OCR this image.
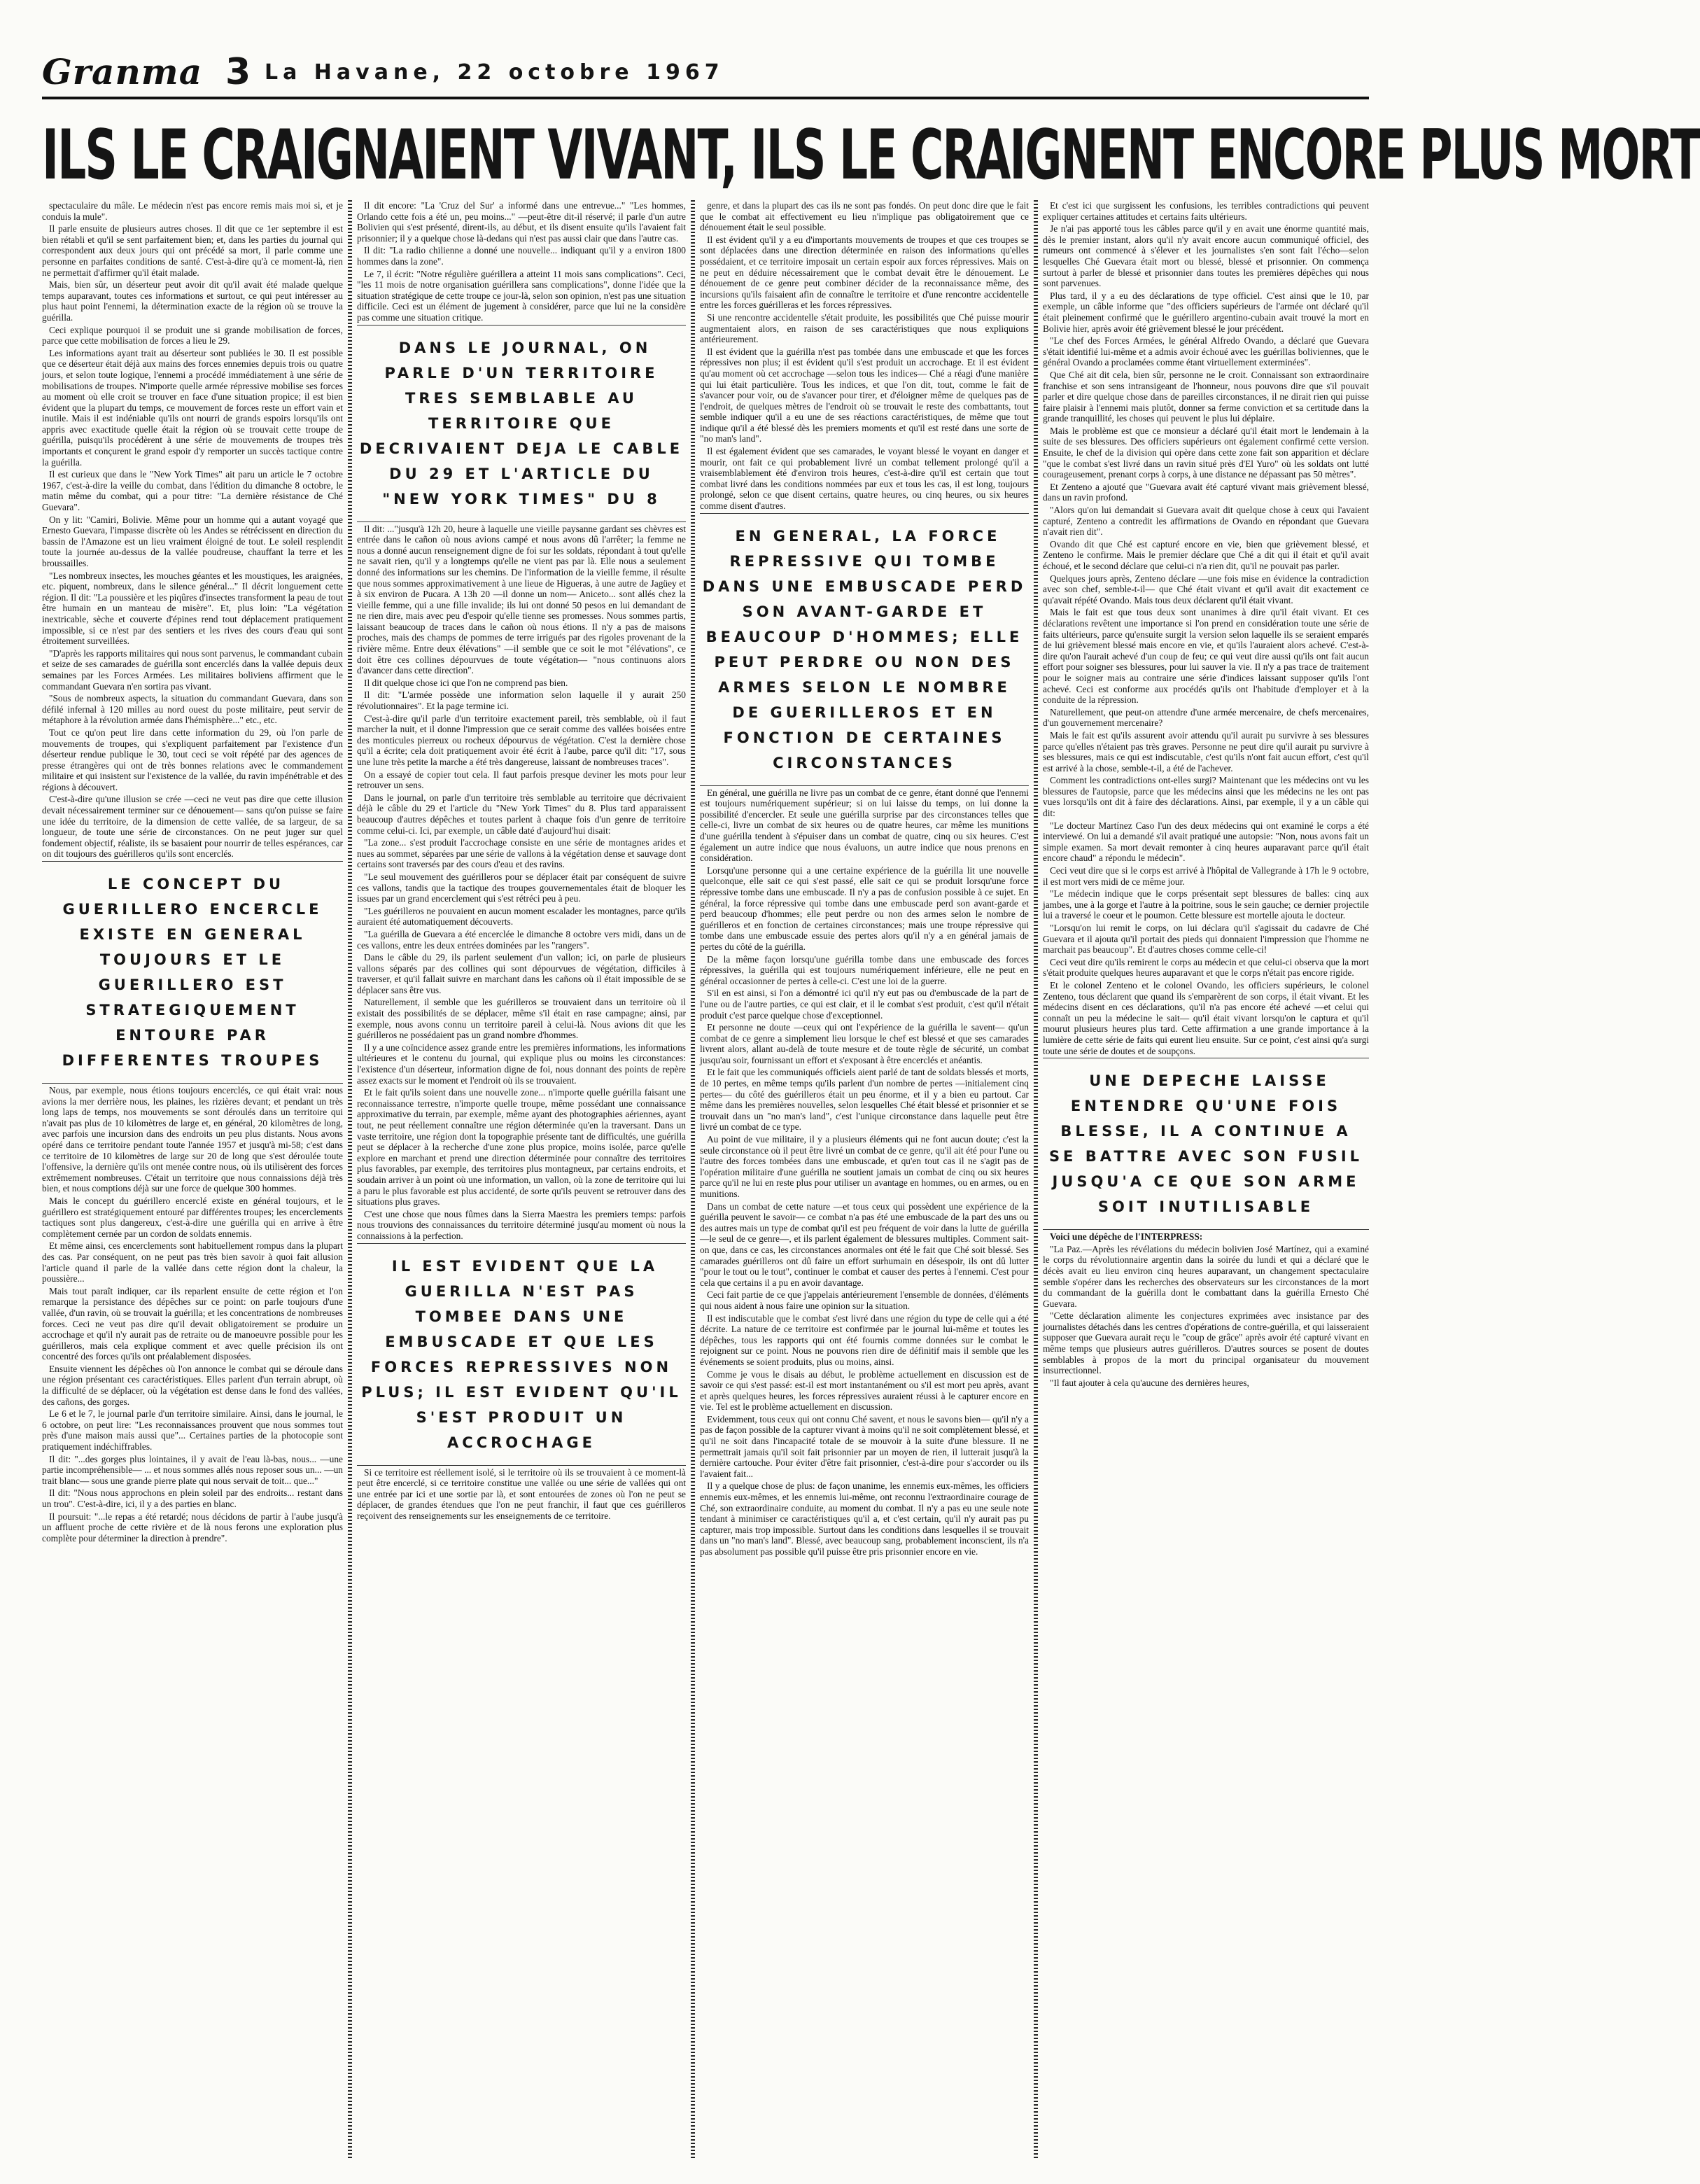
Granma 3 La Havane, 22 octobre 1967
ILS LE CRAIGNAIENT VIVANT, ILS LE CRAIGNENT ENCORE PLUS MORT

spectaculaire du mâle. Le médecin n'est pas encore remis mais moi si, et je conduis la mule".

Il parle ensuite de plusieurs autres choses. Il dit que ce 1er septembre il est bien rétabli et qu'il se sent parfaitement bien; et, dans les parties du journal qui correspondent aux deux jours qui ont précédé sa mort, il parle comme une personne en parfaites conditions de santé. C'est-à-dire qu'à ce moment-là, rien ne permettait d'affirmer qu'il était malade.

Mais, bien sûr, un déserteur peut avoir dit qu'il avait été malade quelque temps auparavant, toutes ces informations et surtout, ce qui peut intéresser au plus haut point l'ennemi, la détermination exacte de la région où se trouve la guérilla.

Ceci explique pourquoi il se produit une si grande mobilisation de forces, parce que cette mobilisation de forces a lieu le 29.

Les informations ayant trait au déserteur sont publiées le 30. Il est possible que ce déserteur était déjà aux mains des forces ennemies depuis trois ou quatre jours, et selon toute logique, l'ennemi a procédé immédiatement à une série de mobilisations de troupes. N'importe quelle armée répressive mobilise ses forces au moment où elle croit se trouver en face d'une situation propice; il est bien évident que la plupart du temps, ce mouvement de forces reste un effort vain et inutile. Mais il est indéniable qu'ils ont nourri de grands espoirs lorsqu'ils ont appris avec exactitude quelle était la région où se trouvait cette troupe de guérilla, puisqu'ils procédèrent à une série de mouvements de troupes très importants et conçurent le grand espoir d'y remporter un succès tactique contre la guérilla.

Il est curieux que dans le "New York Times" ait paru un article le 7 octobre 1967, c'est-à-dire la veille du combat, dans l'édition du dimanche 8 octobre, le matin même du combat, qui a pour titre: "La dernière résistance de Ché Guevara".

On y lit: "Camiri, Bolivie. Même pour un homme qui a autant voyagé que Ernesto Guevara, l'impasse discrète où les Andes se rétrécissent en direction du bassin de l'Amazone est un lieu vraiment éloigné de tout. Le soleil resplendit toute la journée au-dessus de la vallée poudreuse, chauffant la terre et les broussailles.

"Les nombreux insectes, les mouches géantes et les moustiques, les araignées, etc. piquent, nombreux, dans le silence général..." Il décrit longuement cette région. Il dit: "La poussière et les piqûres d'insectes transforment la peau de tout être humain en un manteau de misère". Et, plus loin: "La végétation inextricable, sèche et couverte d'épines rend tout déplacement pratiquement impossible, si ce n'est par des sentiers et les rives des cours d'eau qui sont étroitement surveillées.

"D'après les rapports militaires qui nous sont parvenus, le commandant cubain et seize de ses camarades de guérilla sont encerclés dans la vallée depuis deux semaines par les Forces Armées. Les militaires boliviens affirment que le commandant Guevara n'en sortira pas vivant.

"Sous de nombreux aspects, la situation du commandant Guevara, dans son défilé infernal à 120 milles au nord ouest du poste militaire, peut servir de métaphore à la révolution armée dans l'hémisphère..." etc., etc.

Tout ce qu'on peut lire dans cette information du 29, où l'on parle de mouvements de troupes, qui s'expliquent parfaitement par l'existence d'un déserteur rendue publique le 30, tout ceci se voit répété par des agences de presse étrangères qui ont de très bonnes relations avec le commandement militaire et qui insistent sur l'existence de la vallée, du ravin impénétrable et des régions à découvert.

C'est-à-dire qu'une illusion se crée —ceci ne veut pas dire que cette illusion devait nécessairement terminer sur ce dénouement— sans qu'on puisse se faire une idée du territoire, de la dimension de cette vallée, de sa largeur, de sa longueur, de toute une série de circonstances. On ne peut juger sur quel fondement objectif, réaliste, ils se basaient pour nourrir de telles espérances, car on dit toujours des guérilleros qu'ils sont encerclés.

LE CONCEPT DU GUERILLERO ENCERCLE EXISTE EN GENERAL TOUJOURS ET LE GUERILLERO EST STRATEGIQUEMENT ENTOURE PAR DIFFERENTES TROUPES

Nous, par exemple, nous étions toujours encerclés, ce qui était vrai: nous avions la mer derrière nous, les plaines, les rizières devant; et pendant un très long laps de temps, nos mouvements se sont déroulés dans un territoire qui n'avait pas plus de 10 kilomètres de large et, en général, 20 kilomètres de long, avec parfois une incursion dans des endroits un peu plus distants. Nous avons opéré dans ce territoire pendant toute l'année 1957 et jusqu'à mi-58; c'est dans ce territoire de 10 kilomètres de large sur 20 de long que s'est déroulée toute l'offensive, la dernière qu'ils ont menée contre nous, où ils utilisèrent des forces extrêmement nombreuses. C'était un territoire que nous connaissions déjà très bien, et nous comptions déjà sur une force de quelque 300 hommes.

Mais le concept du guérillero encerclé existe en général toujours, et le guérillero est stratégiquement entouré par différentes troupes; les encerclements tactiques sont plus dangereux, c'est-à-dire une guérilla qui en arrive à être complètement cernée par un cordon de soldats ennemis.

Et même ainsi, ces encerclements sont habituellement rompus dans la plupart des cas. Par conséquent, on ne peut pas très bien savoir à quoi fait allusion l'article quand il parle de la vallée dans cette région dont la chaleur, la poussière...

Mais tout paraît indiquer, car ils reparlent ensuite de cette région et l'on remarque la persistance des dépêches sur ce point: on parle toujours d'une vallée, d'un ravin, où se trouvait la guérilla; et les concentrations de nombreuses forces. Ceci ne veut pas dire qu'il devait obligatoirement se produire un accrochage et qu'il n'y aurait pas de retraite ou de manoeuvre possible pour les guérilleros, mais cela explique comment et avec quelle précision ils ont concentré des forces qu'ils ont préalablement disposées.

Ensuite viennent les dépêches où l'on annonce le combat qui se déroule dans une région présentant ces caractéristiques. Elles parlent d'un terrain abrupt, où la difficulté de se déplacer, où la végétation est dense dans le fond des vallées, des cañons, des gorges.

Le 6 et le 7, le journal parle d'un territoire similaire. Ainsi, dans le journal, le 6 octobre, on peut lire: "Les reconnaissances prouvent que nous sommes tout près d'une maison mais aussi que"... Certaines parties de la photocopie sont pratiquement indéchiffrables.

Il dit: "...des gorges plus lointaines, il y avait de l'eau là-bas, nous... —une partie incompréhensible— ... et nous sommes allés nous reposer sous un... —un trait blanc— sous une grande pierre plate qui nous servait de toit... que..."

Il dit: "Nous nous approchons en plein soleil par des endroits... restant dans un trou". C'est-à-dire, ici, il y a des parties en blanc.

Il poursuit: "...le repas a été retardé; nous décidons de partir à l'aube jusqu'à un affluent proche de cette rivière et de là nous ferons une exploration plus complète pour déterminer la direction à prendre".

Il dit encore: "La 'Cruz del Sur' a informé dans une entrevue..." "Les hommes, Orlando cette fois a été un, peu moins..." —peut-être dit-il réservé; il parle d'un autre Bolivien qui s'est présenté, dirent-ils, au début, et ils disent ensuite qu'ils l'avaient fait prisonnier; il y a quelque chose là-dedans qui n'est pas aussi clair que dans l'autre cas.

Il dit: "La radio chilienne a donné une nouvelle... indiquant qu'il y a environ 1800 hommes dans la zone".

Le 7, il écrit: "Notre régulière guérillera a atteint 11 mois sans complications". Ceci, "les 11 mois de notre organisation guérillera sans complications", donne l'idée que la situation stratégique de cette troupe ce jour-là, selon son opinion, n'est pas une situation difficile. Ceci est un élément de jugement à considérer, parce que lui ne la considère pas comme une situation critique.

DANS LE JOURNAL, ON PARLE D'UN TERRITOIRE TRES SEMBLABLE AU TERRITOIRE QUE DECRIVAIENT DEJA LE CABLE DU 29 ET L'ARTICLE DU "NEW YORK TIMES" DU 8

Il dit: ..."jusqu'à 12h 20, heure à laquelle une vieille paysanne gardant ses chèvres est entrée dans le cañon où nous avions campé et nous avons dû l'arrêter; la femme ne nous a donné aucun renseignement digne de foi sur les soldats, répondant à tout qu'elle ne savait rien, qu'il y a longtemps qu'elle ne vient pas par là. Elle nous a seulement donné des informations sur les chemins. De l'information de la vieille femme, il résulte que nous sommes approximativement à une lieue de Higueras, à une autre de Jagüey et à six environ de Pucara. A 13h 20 —il donne un nom— Aniceto... sont allés chez la vieille femme, qui a une fille invalide; ils lui ont donné 50 pesos en lui demandant de ne rien dire, mais avec peu d'espoir qu'elle tienne ses promesses. Nous sommes partis, laissant beaucoup de traces dans le cañon où nous étions. Il n'y a pas de maisons proches, mais des champs de pommes de terre irrigués par des rigoles provenant de la rivière même. Entre deux élévations" —il semble que ce soit le mot "élévations", ce doit être ces collines dépourvues de toute végétation— "nous continuons alors d'avancer dans cette direction".

Il dit quelque chose ici que l'on ne comprend pas bien.

Il dit: "L'armée possède une information selon laquelle il y aurait 250 révolutionnaires". Et la page termine ici.

C'est-à-dire qu'il parle d'un territoire exactement pareil, très semblable, où il faut marcher la nuit, et il donne l'impression que ce serait comme des vallées boisées entre des monticules pierreux ou rocheux dépourvus de végétation. C'est la dernière chose qu'il a écrite; cela doit pratiquement avoir été écrit à l'aube, parce qu'il dit: "17, sous une lune très petite la marche a été très dangereuse, laissant de nombreuses traces".

On a essayé de copier tout cela. Il faut parfois presque deviner les mots pour leur retrouver un sens.

Dans le journal, on parle d'un territoire très semblable au territoire que décrivaient déjà le câble du 29 et l'article du "New York Times" du 8. Plus tard apparaissent beaucoup d'autres dépêches et toutes parlent à chaque fois d'un genre de territoire comme celui-ci. Ici, par exemple, un câble daté d'aujourd'hui disait:

"La zone... s'est produit l'accrochage consiste en une série de montagnes arides et nues au sommet, séparées par une série de vallons à la végétation dense et sauvage dont certains sont traversés par des cours d'eau et des ravins.

"Le seul mouvement des guérilleros pour se déplacer était par conséquent de suivre ces vallons, tandis que la tactique des troupes gouvernementales était de bloquer les issues par un grand encerclement qui s'est rétréci peu à peu.

"Les guérilleros ne pouvaient en aucun moment escalader les montagnes, parce qu'ils auraient été automatiquement découverts.

"La guérilla de Guevara a été encerclée le dimanche 8 octobre vers midi, dans un de ces vallons, entre les deux entrées dominées par les "rangers".

Dans le câble du 29, ils parlent seulement d'un vallon; ici, on parle de plusieurs vallons séparés par des collines qui sont dépourvues de végétation, difficiles à traverser, et qu'il fallait suivre en marchant dans les cañons où il était impossible de se déplacer sans être vus.

Naturellement, il semble que les guérilleros se trouvaient dans un territoire où il existait des possibilités de se déplacer, même s'il était en rase campagne; ainsi, par exemple, nous avons connu un territoire pareil à celui-là. Nous avions dit que les guérilleros ne possédaient pas un grand nombre d'hommes.

Il y a une coïncidence assez grande entre les premières informations, les informations ultérieures et le contenu du journal, qui explique plus ou moins les circonstances: l'existence d'un déserteur, information digne de foi, nous donnant des points de repère assez exacts sur le moment et l'endroit où ils se trouvaient.

Et le fait qu'ils soient dans une nouvelle zone... n'importe quelle guérilla faisant une reconnaissance terrestre, n'importe quelle troupe, même possédant une connaissance approximative du terrain, par exemple, même ayant des photographies aériennes, ayant tout, ne peut réellement connaître une région déterminée qu'en la traversant. Dans un vaste territoire, une région dont la topographie présente tant de difficultés, une guérilla peut se déplacer à la recherche d'une zone plus propice, moins isolée, parce qu'elle explore en marchant et prend une direction déterminée pour connaître des territoires plus favorables, par exemple, des territoires plus montagneux, par certains endroits, et soudain arriver à un point où une information, un vallon, où la zone de territoire qui lui a paru le plus favorable est plus accidenté, de sorte qu'ils peuvent se retrouver dans des situations plus graves.

C'est une chose que nous fûmes dans la Sierra Maestra les premiers temps: parfois nous trouvions des connaissances du territoire déterminé jusqu'au moment où nous la connaissions à la perfection.

IL EST EVIDENT QUE LA GUERILLA N'EST PAS TOMBEE DANS UNE EMBUSCADE ET QUE LES FORCES REPRESSIVES NON PLUS; IL EST EVIDENT QU'IL S'EST PRODUIT UN ACCROCHAGE

Si ce territoire est réellement isolé, si le territoire où ils se trouvaient à ce moment-là peut être encerclé, si ce territoire constitue une vallée ou une série de vallées qui ont une entrée par ici et une sortie par là, et sont entourées de zones où l'on ne peut se déplacer, de grandes étendues que l'on ne peut franchir, il faut que ces guérilleros reçoivent des renseignements sur les enseignements de ce territoire.

genre, et dans la plupart des cas ils ne sont pas fondés. On peut donc dire que le fait que le combat ait effectivement eu lieu n'implique pas obligatoirement que ce dénouement était le seul possible.

Il est évident qu'il y a eu d'importants mouvements de troupes et que ces troupes se sont déplacées dans une direction déterminée en raison des informations qu'elles possédaient, et ce territoire imposait un certain espoir aux forces répressives. Mais on ne peut en déduire nécessairement que le combat devait être le dénouement. Le dénouement de ce genre peut combiner décider de la reconnaissance même, des incursions qu'ils faisaient afin de connaître le territoire et d'une rencontre accidentelle entre les forces guérilleras et les forces répressives.

Si une rencontre accidentelle s'était produite, les possibilités que Ché puisse mourir augmentaient alors, en raison de ses caractéristiques que nous expliquions antérieurement.

Il est évident que la guérilla n'est pas tombée dans une embuscade et que les forces répressives non plus; il est évident qu'il s'est produit un accrochage. Et il est évident qu'au moment où cet accrochage —selon tous les indices— Ché a réagi d'une manière qui lui était particulière. Tous les indices, et que l'on dit, tout, comme le fait de s'avancer pour voir, ou de s'avancer pour tirer, et d'éloigner même de quelques pas de l'endroit, de quelques mètres de l'endroit où se trouvait le reste des combattants, tout semble indiquer qu'il a eu une de ses réactions caractéristiques, de même que tout indique qu'il a été blessé dès les premiers moments et qu'il est resté dans une sorte de "no man's land".

Il est également évident que ses camarades, le voyant blessé le voyant en danger et mourir, ont fait ce qui probablement livré un combat tellement prolongé qu'il a vraisemblablement été d'environ trois heures, c'est-à-dire qu'il est certain que tout combat livré dans les conditions nommées par eux et tous les cas, il est long, toujours prolongé, selon ce que disent certains, quatre heures, ou cinq heures, ou six heures comme disent d'autres.

EN GENERAL, LA FORCE REPRESSIVE QUI TOMBE DANS UNE EMBUSCADE PERD SON AVANT-GARDE ET BEAUCOUP D'HOMMES; ELLE PEUT PERDRE OU NON DES ARMES SELON LE NOMBRE DE GUERILLEROS ET EN FONCTION DE CERTAINES CIRCONSTANCES

En général, une guérilla ne livre pas un combat de ce genre, étant donné que l'ennemi est toujours numériquement supérieur; si on lui laisse du temps, on lui donne la possibilité d'encercler. Et seule une guérilla surprise par des circonstances telles que celle-ci, livre un combat de six heures ou de quatre heures, car même les munitions d'une guérilla tendent à s'épuiser dans un combat de quatre, cinq ou six heures. C'est également un autre indice que nous évaluons, un autre indice que nous prenons en considération.

Lorsqu'une personne qui a une certaine expérience de la guérilla lit une nouvelle quelconque, elle sait ce qui s'est passé, elle sait ce qui se produit lorsqu'une force répressive tombe dans une embuscade. Il n'y a pas de confusion possible à ce sujet. En général, la force répressive qui tombe dans une embuscade perd son avant-garde et perd beaucoup d'hommes; elle peut perdre ou non des armes selon le nombre de guérilleros et en fonction de certaines circonstances; mais une troupe répressive qui tombe dans une embuscade essuie des pertes alors qu'il n'y a en général jamais de pertes du côté de la guérilla.

De la même façon lorsqu'une guérilla tombe dans une embuscade des forces répressives, la guérilla qui est toujours numériquement inférieure, elle ne peut en général occasionner de pertes à celle-ci. C'est une loi de la guerre.

S'il en est ainsi, si l'on a démontré ici qu'il n'y eut pas ou d'embuscade de la part de l'une ou de l'autre parties, ce qui est clair, et il le combat s'est produit, c'est qu'il n'était produit c'est parce quelque chose d'exceptionnel.

Et personne ne doute —ceux qui ont l'expérience de la guérilla le savent— qu'un combat de ce genre a simplement lieu lorsque le chef est blessé et que ses camarades livrent alors, allant au-delà de toute mesure et de toute règle de sécurité, un combat jusqu'au soir, fournissant un effort et s'exposant à être encerclés et anéantis.

Et le fait que les communiqués officiels aient parlé de tant de soldats blessés et morts, de 10 pertes, en même temps qu'ils parlent d'un nombre de pertes —initialement cinq pertes— du côté des guérilleros était un peu énorme, et il y a bien eu partout. Car même dans les premières nouvelles, selon lesquelles Ché était blessé et prisonnier et se trouvait dans un "no man's land", c'est l'unique circonstance dans laquelle peut être livré un combat de ce type.

Au point de vue militaire, il y a plusieurs éléments qui ne font aucun doute; c'est la seule circonstance où il peut être livré un combat de ce genre, qu'il ait été pour l'une ou l'autre des forces tombées dans une embuscade, et qu'en tout cas il ne s'agit pas de l'opération militaire d'une guérilla ne soutient jamais un combat de cinq ou six heures parce qu'il ne lui en reste plus pour utiliser un avantage en hommes, ou en armes, ou en munitions.

Dans un combat de cette nature —et tous ceux qui possèdent une expérience de la guérilla peuvent le savoir— ce combat n'a pas été une embuscade de la part des uns ou des autres mais un type de combat qu'il est peu fréquent de voir dans la lutte de guérilla —le seul de ce genre—, et ils parlent également de blessures multiples. Comment sait-on que, dans ce cas, les circonstances anormales ont été le fait que Ché soit blessé. Ses camarades guérilleros ont dû faire un effort surhumain en désespoir, ils ont dû lutter "pour le tout ou le tout", continuer le combat et causer des pertes à l'ennemi. C'est pour cela que certains il a pu en avoir davantage.

Ceci fait partie de ce que j'appelais antérieurement l'ensemble de données, d'éléments qui nous aident à nous faire une opinion sur la situation.

Il est indiscutable que le combat s'est livré dans une région du type de celle qui a été décrite. La nature de ce territoire est confirmée par le journal lui-même et toutes les dépêches, tous les rapports qui ont été fournis comme données sur le combat le rejoignent sur ce point. Nous ne pouvons rien dire de définitif mais il semble que les événements se soient produits, plus ou moins, ainsi.

Comme je vous le disais au début, le problème actuellement en discussion est de savoir ce qui s'est passé: est-il est mort instantanément ou s'il est mort peu après, avant et après quelques heures, les forces répressives auraient réussi à le capturer encore en vie. Tel est le problème actuellement en discussion.

Evidemment, tous ceux qui ont connu Ché savent, et nous le savons bien— qu'il n'y a pas de façon possible de la capturer vivant à moins qu'il ne soit complètement blessé, et qu'il ne soit dans l'incapacité totale de se mouvoir à la suite d'une blessure. Il ne permettrait jamais qu'il soit fait prisonnier par un moyen de rien, il lutterait jusqu'à la dernière cartouche. Pour éviter d'être fait prisonnier, c'est-à-dire pour s'accorder ou ils l'avaient fait...

Il y a quelque chose de plus: de façon unanime, les ennemis eux-mêmes, les officiers ennemis eux-mêmes, et les ennemis lui-même, ont reconnu l'extraordinaire courage de Ché, son extraordinaire conduite, au moment du combat. Il n'y a pas eu une seule note tendant à minimiser ce caractéristiques qu'il a, et c'est certain, qu'il n'y aurait pas pu capturer, mais trop impossible. Surtout dans les conditions dans lesquelles il se trouvait dans un "no man's land". Blessé, avec beaucoup sang, probablement inconscient, ils n'a pas absolument pas possible qu'il puisse être pris prisonnier encore en vie.

Et c'est ici que surgissent les confusions, les terribles contradictions qui peuvent expliquer certaines attitudes et certains faits ultérieurs.

Je n'ai pas apporté tous les câbles parce qu'il y en avait une énorme quantité mais, dès le premier instant, alors qu'il n'y avait encore aucun communiqué officiel, des rumeurs ont commencé à s'élever et les journalistes s'en sont fait l'écho—selon lesquelles Ché Guevara était mort ou blessé, blessé et prisonnier. On commença surtout à parler de blessé et prisonnier dans toutes les premières dépêches qui nous sont parvenues.

Plus tard, il y a eu des déclarations de type officiel. C'est ainsi que le 10, par exemple, un câble informe que "des officiers supérieurs de l'armée ont déclaré qu'il était pleinement confirmé que le guérillero argentino-cubain avait trouvé la mort en Bolivie hier, après avoir été grièvement blessé le jour précédent.

"Le chef des Forces Armées, le général Alfredo Ovando, a déclaré que Guevara s'était identifié lui-même et a admis avoir échoué avec les guérillas boliviennes, que le général Ovando a proclamées comme étant virtuellement exterminées".

Que Ché ait dit cela, bien sûr, personne ne le croit. Connaissant son extraordinaire franchise et son sens intransigeant de l'honneur, nous pouvons dire que s'il pouvait parler et dire quelque chose dans de pareilles circonstances, il ne dirait rien qui puisse faire plaisir à l'ennemi mais plutôt, donner sa ferme conviction et sa certitude dans la grande tranquillité, les choses qui peuvent le plus lui déplaire.

Mais le problème est que ce monsieur a déclaré qu'il était mort le lendemain à la suite de ses blessures. Des officiers supérieurs ont également confirmé cette version. Ensuite, le chef de la division qui opère dans cette zone fait son apparition et déclare "que le combat s'est livré dans un ravin situé près d'El Yuro" où les soldats ont lutté courageusement, prenant corps à corps, à une distance ne dépassant pas 50 mètres".

Et Zenteno a ajouté que "Guevara avait été capturé vivant mais grièvement blessé, dans un ravin profond.

"Alors qu'on lui demandait si Guevara avait dit quelque chose à ceux qui l'avaient capturé, Zenteno a contredit les affirmations de Ovando en répondant que Guevara n'avait rien dit".

Ovando dit que Ché est capturé encore en vie, bien que grièvement blessé, et Zenteno le confirme. Mais le premier déclare que Ché a dit qui il était et qu'il avait échoué, et le second déclare que celui-ci n'a rien dit, qu'il ne pouvait pas parler.

Quelques jours après, Zenteno déclare —une fois mise en évidence la contradiction avec son chef, semble-t-il— que Ché était vivant et qu'il avait dit exactement ce qu'avait répété Ovando. Mais tous deux déclarent qu'il était vivant.

Mais le fait est que tous deux sont unanimes à dire qu'il était vivant. Et ces déclarations revêtent une importance si l'on prend en considération toute une série de faits ultérieurs, parce qu'ensuite surgit la version selon laquelle ils se seraient emparés de lui grièvement blessé mais encore en vie, et qu'ils l'auraient alors achevé. C'est-à-dire qu'on l'aurait achevé d'un coup de feu; ce qui veut dire aussi qu'ils ont fait aucun effort pour soigner ses blessures, pour lui sauver la vie. Il n'y a pas trace de traitement pour le soigner mais au contraire une série d'indices laissant supposer qu'ils l'ont achevé. Ceci est conforme aux procédés qu'ils ont l'habitude d'employer et à la conduite de la répression.

Naturellement, que peut-on attendre d'une armée mercenaire, de chefs mercenaires, d'un gouvernement mercenaire?

Mais le fait est qu'ils assurent avoir attendu qu'il aurait pu survivre à ses blessures parce qu'elles n'étaient pas très graves. Personne ne peut dire qu'il aurait pu survivre à ses blessures, mais ce qui est indiscutable, c'est qu'ils n'ont fait aucun effort, c'est qu'il est arrivé à la chose, semble-t-il, a été de l'achever.

Comment les contradictions ont-elles surgi? Maintenant que les médecins ont vu les blessures de l'autopsie, parce que les médecins ainsi que les médecins ne les ont pas vues lorsqu'ils ont dit à faire des déclarations. Ainsi, par exemple, il y a un câble qui dit:

"Le docteur Martínez Caso l'un des deux médecins qui ont examiné le corps a été interviewé. On lui a demandé s'il avait pratiqué une autopsie: "Non, nous avons fait un simple examen. Sa mort devait remonter à cinq heures auparavant parce qu'il était encore chaud" a répondu le médecin".

Ceci veut dire que si le corps est arrivé à l'hôpital de Vallegrande à 17h le 9 octobre, il est mort vers midi de ce même jour.

"Le médecin indique que le corps présentait sept blessures de balles: cinq aux jambes, une à la gorge et l'autre à la poitrine, sous le sein gauche; ce dernier projectile lui a traversé le coeur et le poumon. Cette blessure est mortelle ajouta le docteur.

"Lorsqu'on lui remit le corps, on lui déclara qu'il s'agissait du cadavre de Ché Guevara et il ajouta qu'il portait des pieds qui donnaient l'impression que l'homme ne marchait pas beaucoup". Et d'autres choses comme celle-ci!

Ceci veut dire qu'ils remirent le corps au médecin et que celui-ci observa que la mort s'était produite quelques heures auparavant et que le corps n'était pas encore rigide.

Et le colonel Zenteno et le colonel Ovando, les officiers supérieurs, le colonel Zenteno, tous déclarent que quand ils s'emparèrent de son corps, il était vivant. Et les médecins disent en ces déclarations, qu'il n'a pas encore été achevé —et celui qui connaît un peu la médecine le sait— qu'il était vivant lorsqu'on le captura et qu'il mourut plusieurs heures plus tard. Cette affirmation a une grande importance à la lumière de cette série de faits qui eurent lieu ensuite. Sur ce point, c'est ainsi qu'a surgi toute une série de doutes et de soupçons.

UNE DEPECHE LAISSE ENTENDRE QU'UNE FOIS BLESSE, IL A CONTINUE A SE BATTRE AVEC SON FUSIL JUSQU'A CE QUE SON ARME SOIT INUTILISABLE

Voici une dépêche de l'INTERPRESS:

"La Paz.—Après les révélations du médecin bolivien José Martínez, qui a examiné le corps du révolutionnaire argentin dans la soirée du lundi et qui a déclaré que le décès avait eu lieu environ cinq heures auparavant, un changement spectaculaire semble s'opérer dans les recherches des observateurs sur les circonstances de la mort du commandant de la guérilla dont le combattant dans la guérilla Ernesto Ché Guevara.

"Cette déclaration alimente les conjectures exprimées avec insistance par des journalistes détachés dans les centres d'opérations de contre-guérilla, et qui laisseraient supposer que Guevara aurait reçu le "coup de grâce" après avoir été capturé vivant en même temps que plusieurs autres guérilleros. D'autres sources se posent de doutes semblables à propos de la mort du principal organisateur du mouvement insurrectionnel.

"Il faut ajouter à cela qu'aucune des dernières heures,
